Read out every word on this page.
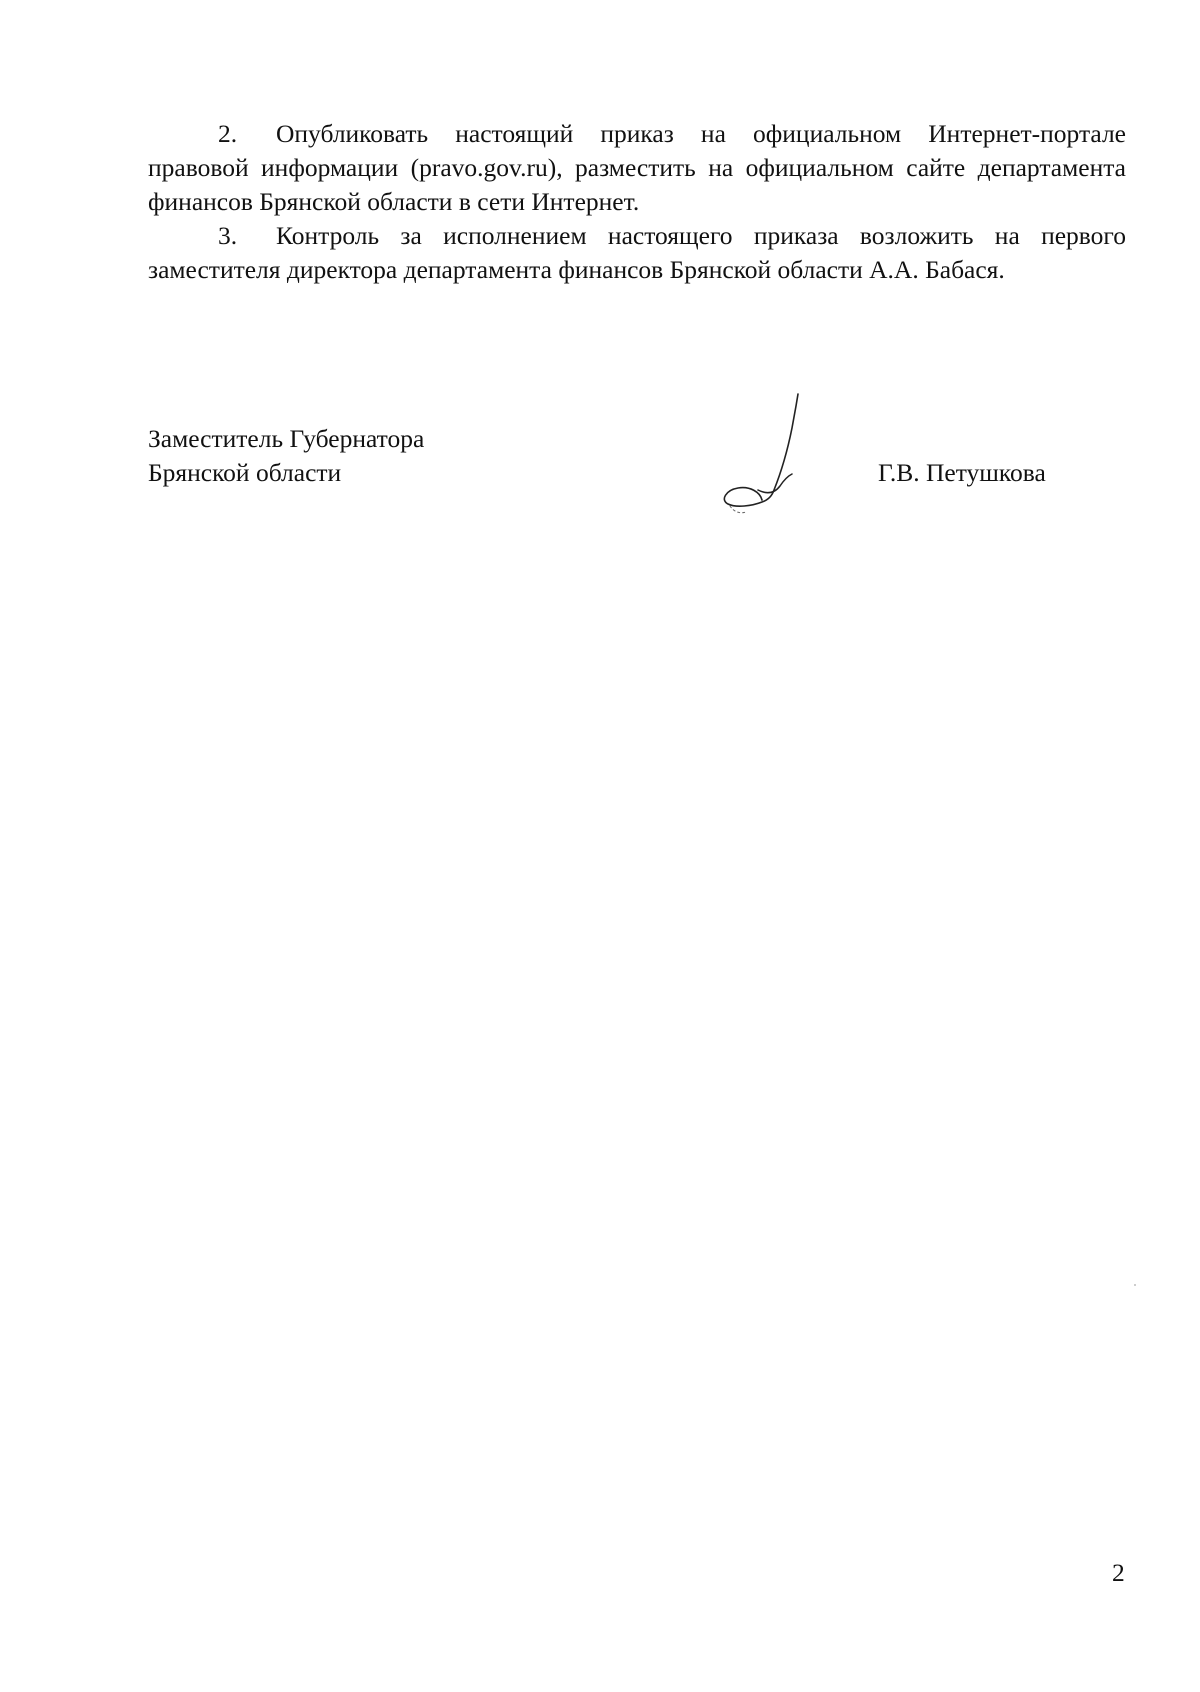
2. Опубликовать настоящий приказ на официальном Интернет-портале правовой информации (pravo.gov.ru), разместить на официальном сайте департамента финансов Брянской области в сети Интернет.

3. Контроль за исполнением настоящего приказа возложить на первого заместителя директора департамента финансов Брянской области А.А. Бабася.

Заместитель Губернатора
Брянской области	Г.В. Петушкова
2
